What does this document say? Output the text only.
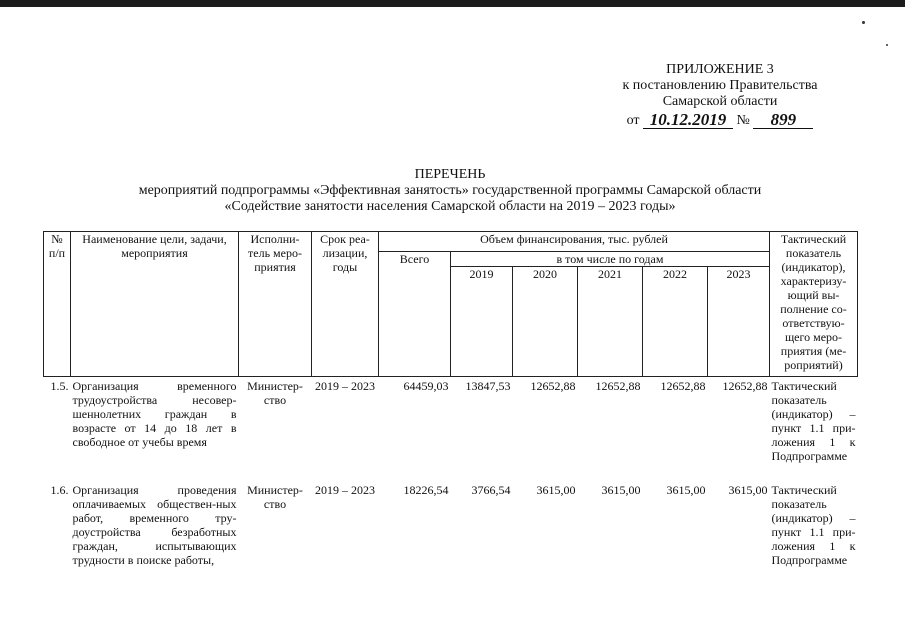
ПРИЛОЖЕНИЕ 3
к постановлению Правительства
Самарской области
от 10.12.2019 № 899
ПЕРЕЧЕНЬ
мероприятий подпрограммы «Эффективная занятость» государственной программы Самарской области
«Содействие занятости населения Самарской области на 2019 – 2023 годы»
№ п/п	Наименование цели, задачи, мероприятия	Исполни-тель меро-приятия	Срок реа-лизации, годы	Объем финансирования, тыс. рублей						Тактический показатель (индикатор), характеризу-ющий вы-полнение со-ответствую-щего меро-приятия (ме-роприятий)
				Всего	в том числе по годам					
					2019	2020	2021	2022	2023	
1.5.	Организация временного трудоустройства несовер-шеннолетних граждан в возрасте от 14 до 18 лет в свободное от учебы время	Министер-ство	2019 – 2023	64459,03	13847,53	12652,88	12652,88	12652,88	12652,88	Тактический показатель (индикатор) – пункт 1.1 при-ложения 1 к Подпрограмме
1.6.	Организация проведения оплачиваемых обществен-ных работ, временного тру-доустройства безработных граждан, испытывающих трудности в поиске работы,	Министер-ство	2019 – 2023	18226,54	3766,54	3615,00	3615,00	3615,00	3615,00	Тактический показатель (индикатор) – пункт 1.1 при-ложения 1 к Подпрограмме
